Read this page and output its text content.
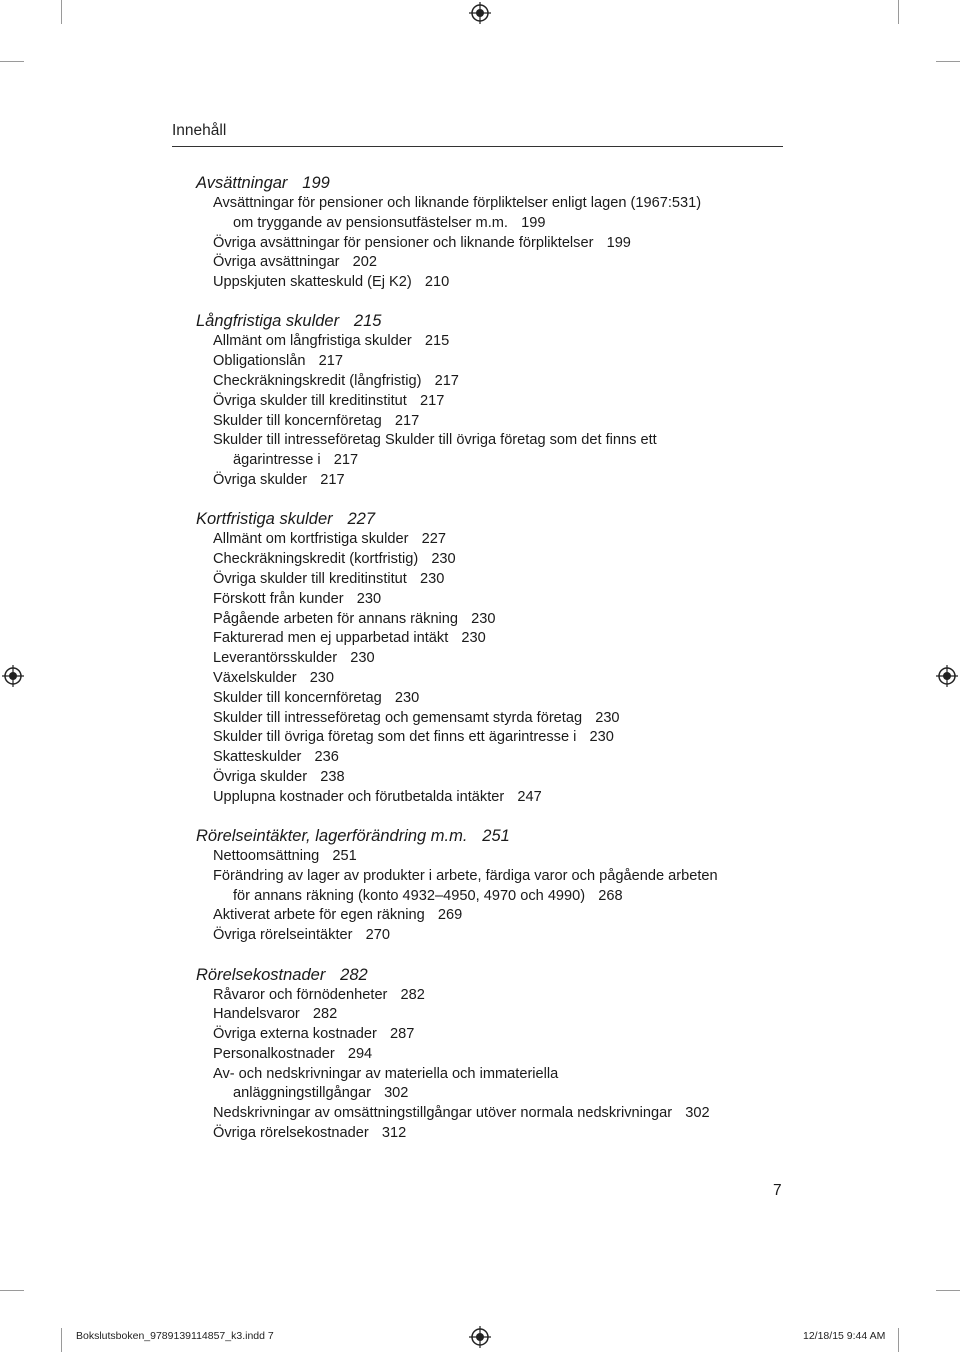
Innehåll
Avsättningar 199
Avsättningar för pensioner och liknande förpliktelser enligt lagen (1967:531)
om tryggande av pensionsutfästelser m.m. 199
Övriga avsättningar för pensioner och liknande förpliktelser 199
Övriga avsättningar 202
Uppskjuten skatteskuld (Ej K2) 210
Långfristiga skulder 215
Allmänt om långfristiga skulder 215
Obligationslån 217
Checkräkningskredit (långfristig) 217
Övriga skulder till kreditinstitut 217
Skulder till koncernföretag 217
Skulder till intresseföretag Skulder till övriga företag som det finns ett
ägarintresse i 217
Övriga skulder 217
Kortfristiga skulder 227
Allmänt om kortfristiga skulder 227
Checkräkningskredit (kortfristig) 230
Övriga skulder till kreditinstitut 230
Förskott från kunder 230
Pågående arbeten för annans räkning 230
Fakturerad men ej upparbetad intäkt 230
Leverantörsskulder 230
Växelskulder 230
Skulder till koncernföretag 230
Skulder till intresseföretag och gemensamt styrda företag 230
Skulder till övriga företag som det finns ett ägarintresse i 230
Skatteskulder 236
Övriga skulder 238
Upplupna kostnader och förutbetalda intäkter 247
Rörelseintäkter, lagerförändring m.m. 251
Nettoomsättning 251
Förändring av lager av produkter i arbete, färdiga varor och pågående arbeten
för annans räkning (konto 4932–4950, 4970 och 4990) 268
Aktiverat arbete för egen räkning 269
Övriga rörelseintäkter 270
Rörelsekostnader 282
Råvaror och förnödenheter 282
Handelsvaror 282
Övriga externa kostnader 287
Personalkostnader 294
Av- och nedskrivningar av materiella och immateriella
anläggningstillgångar 302
Nedskrivningar av omsättningstillgångar utöver normala nedskrivningar 302
Övriga rörelsekostnader 312
7
Bokslutsboken_9789139114857_k3.indd 7	12/18/15 9:44 AM
